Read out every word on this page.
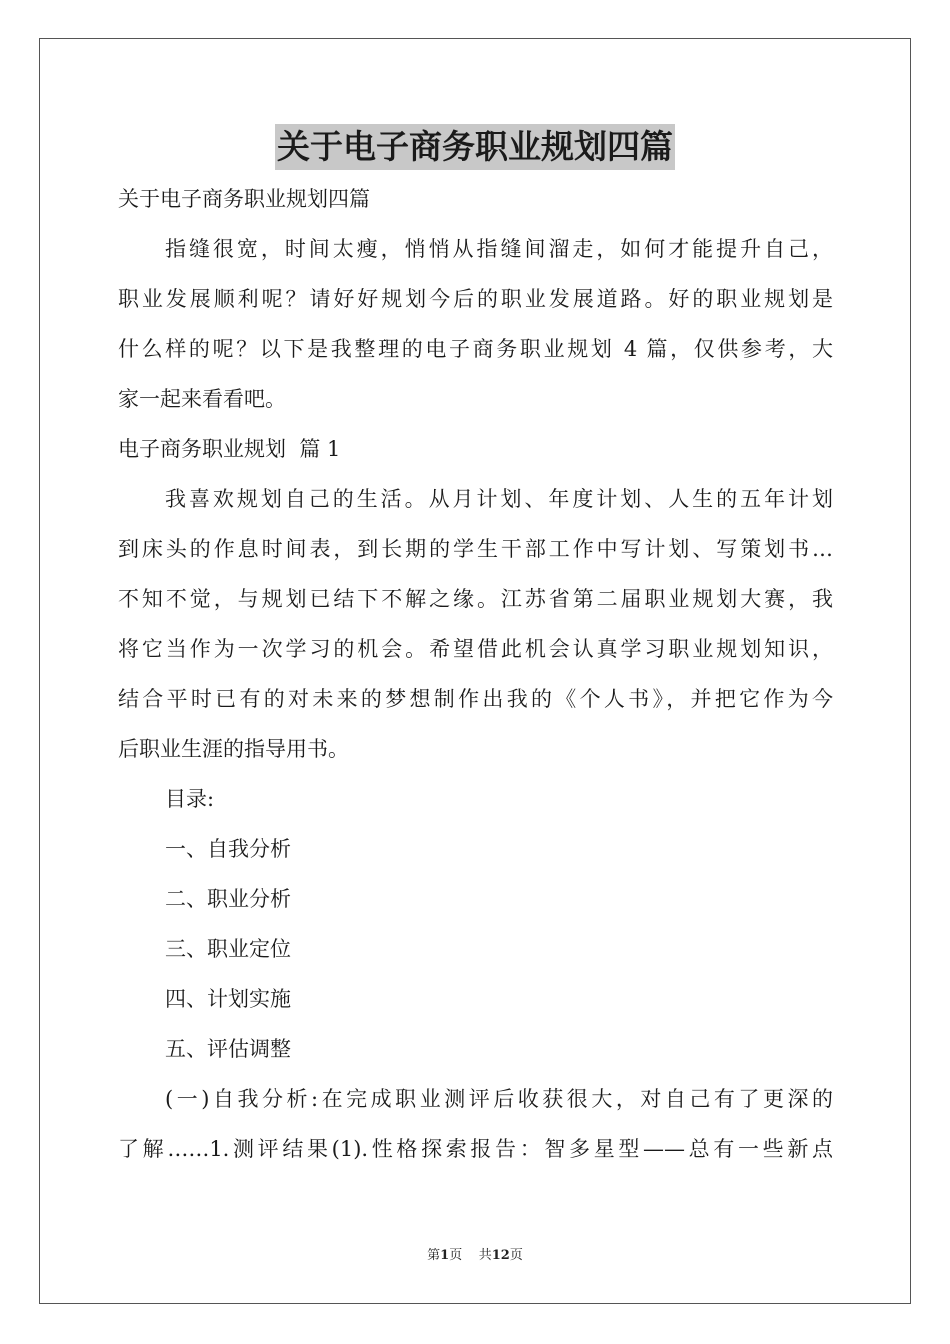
关于电子商务职业规划四篇
关于电子商务职业规划四篇
指缝很宽，时间太瘦，悄悄从指缝间溜走，如何才能提升自己，
职业发展顺利呢？请好好规划今后的职业发展道路。好的职业规划是
什么样的呢？以下是我整理的电子商务职业规划 4 篇，仅供参考，大
家一起来看看吧。
电子商务职业规划  篇 1
我喜欢规划自己的生活。从月计划、年度计划、人生的五年计划
到床头的作息时间表，到长期的学生干部工作中写计划、写策划书…
不知不觉，与规划已结下不解之缘。江苏省第二届职业规划大赛，我
将它当作为一次学习的机会。希望借此机会认真学习职业规划知识，
结合平时已有的对未来的梦想制作出我的《个人书》，并把它作为今
后职业生涯的指导用书。
目录:
一、自我分析
二、职业分析
三、职业定位
四、计划实施
五、评估调整
(一)自我分析:在完成职业测评后收获很大，对自己有了更深的
了解……1.测评结果(1).性格探索报告：智多星型——总有一些新点
第1页 共12页
